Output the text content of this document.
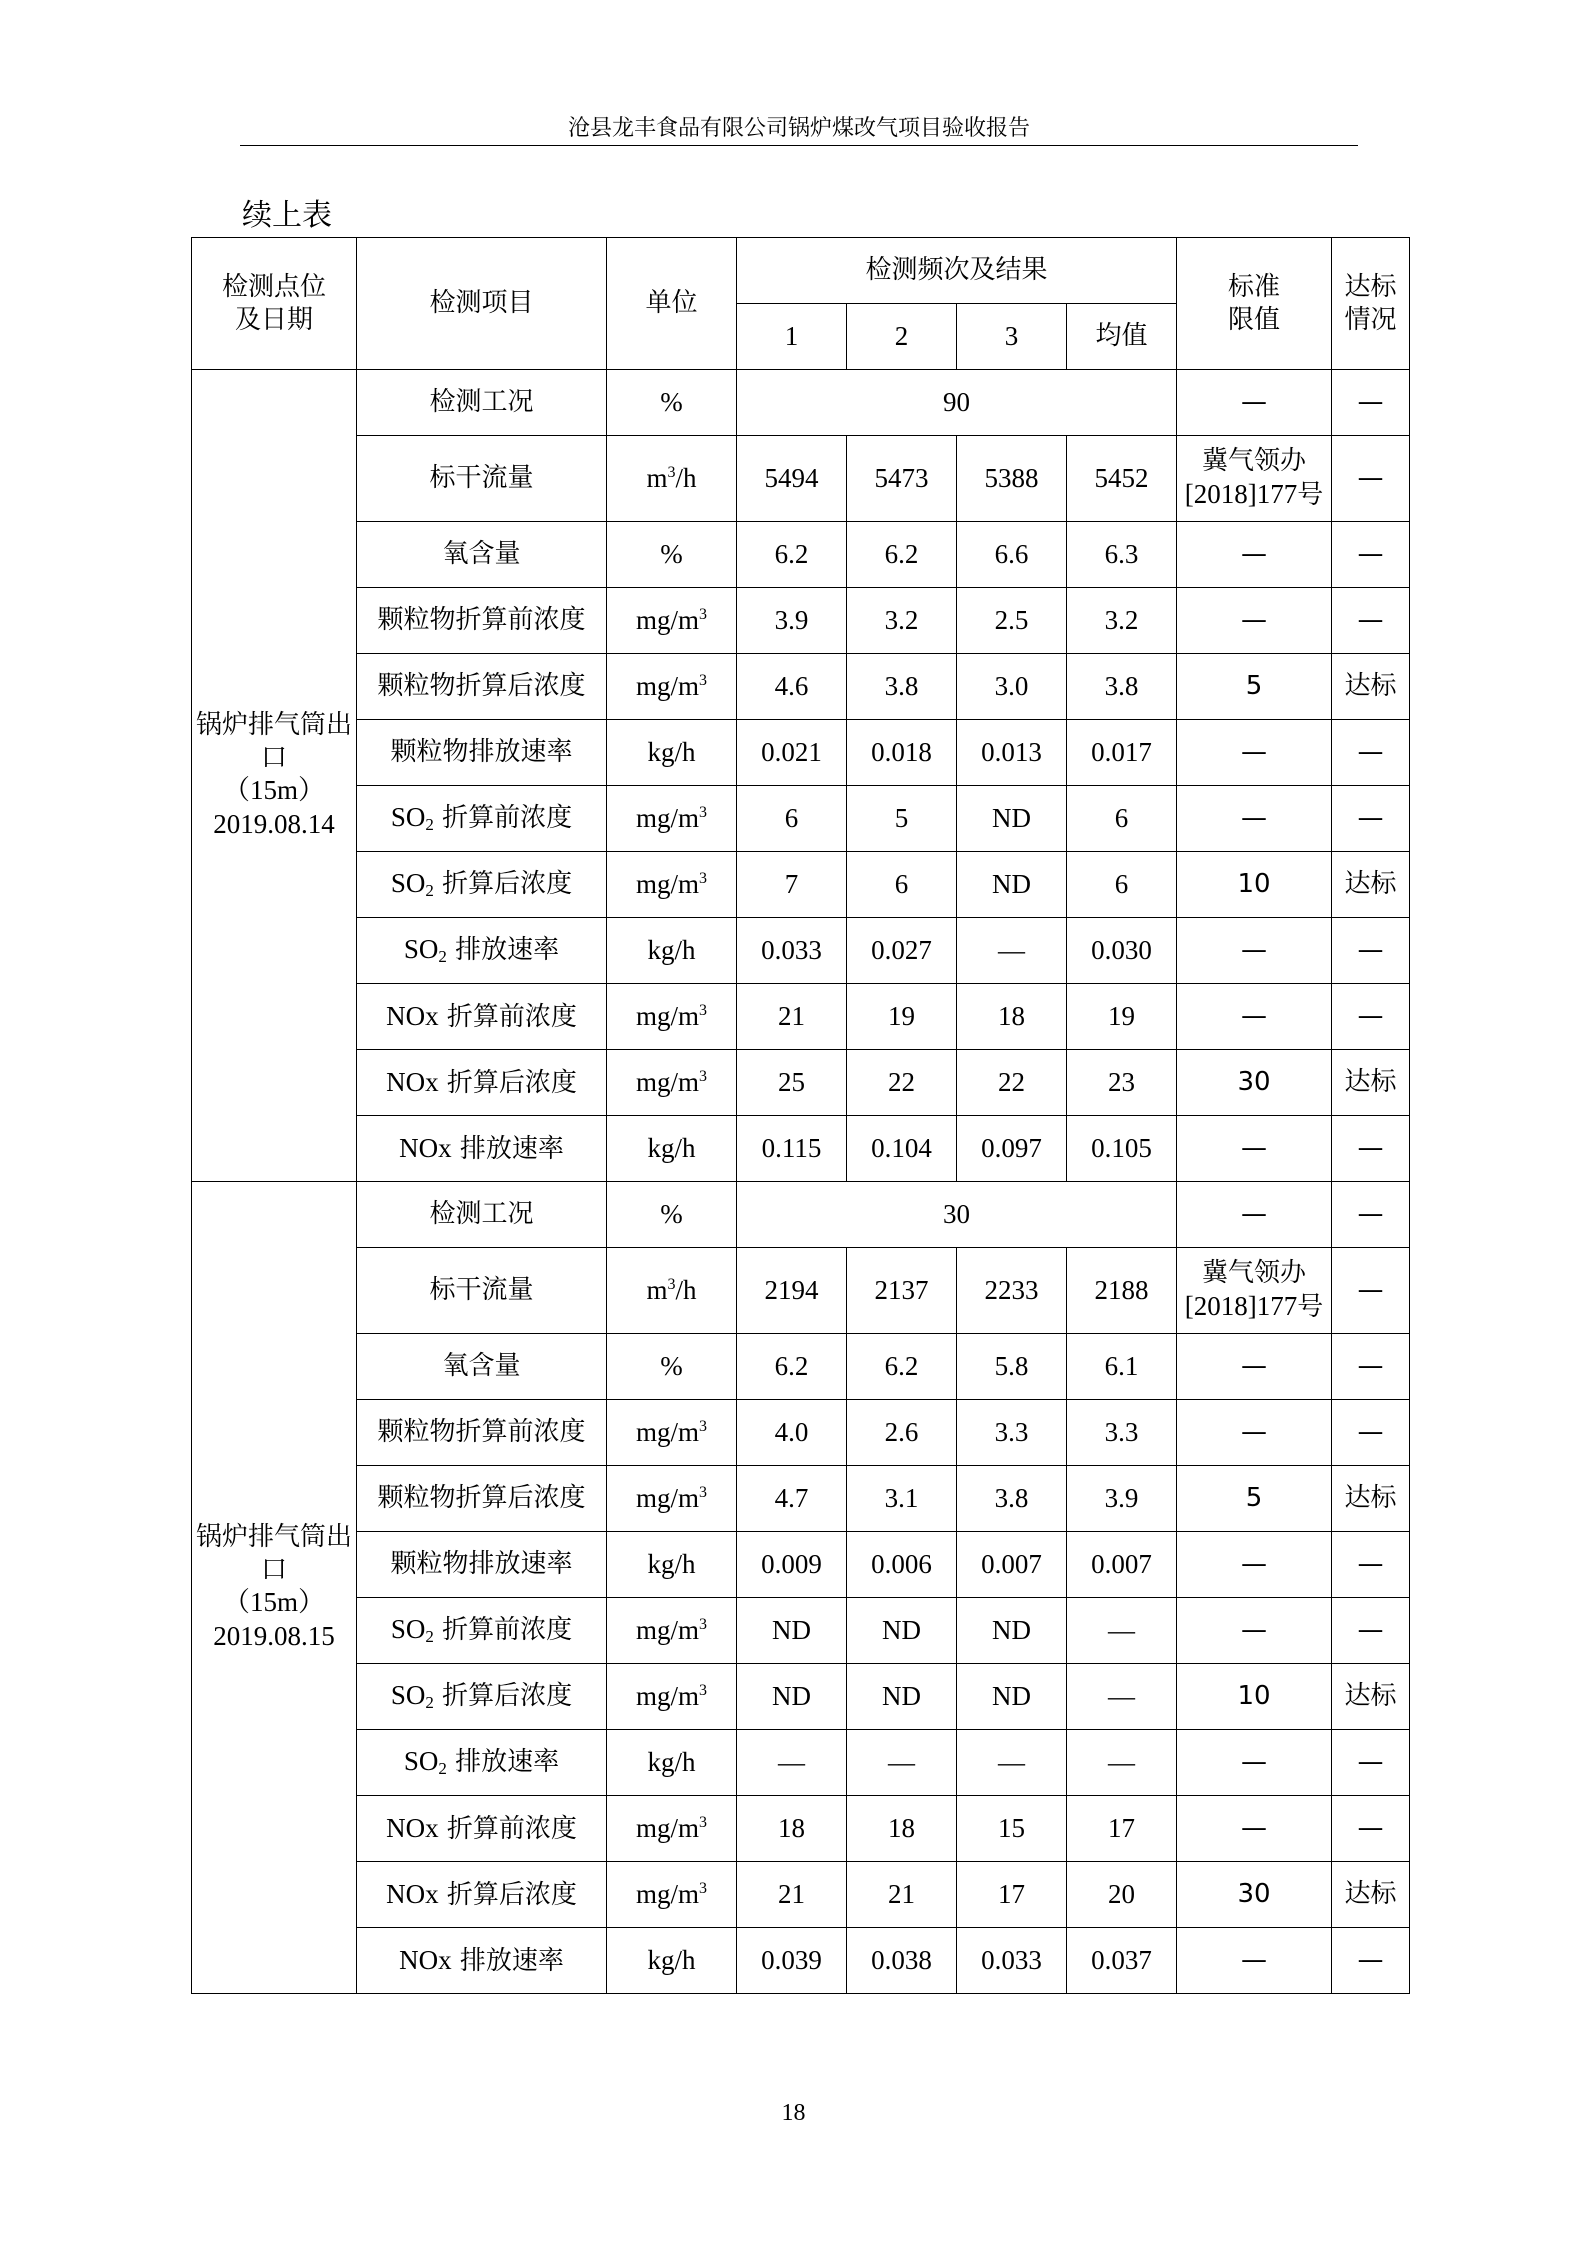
沧县龙丰食品有限公司锅炉煤改气项目验收报告
续上表
检测点位及日期	检测项目	单位	检测频次及结果				标准限值	达标情况
			1	2	3	均值		
锅炉排气筒出口
（15m）
2019.08.14	检测工况	%	90				—	—
	标干流量	$m^3/h$	5494	5473	5388	5452	冀气领办
[2018]177号	—
	氧含量	%	6.2	6.2	6.6	6.3	—	—
	颗粒物折算前浓度	$mg/m^3$	3.9	3.2	2.5	3.2	—	—
	颗粒物折算后浓度	$mg/m^3$	4.6	3.8	3.0	3.8	5	达标
	颗粒物排放速率	kg/h	0.021	0.018	0.013	0.017	—	—
	$SO_2$ 折算前浓度	$mg/m^3$	6	5	ND	6	—	—
	$SO_2$ 折算后浓度	$mg/m^3$	7	6	ND	6	10	达标
	$SO_2$ 排放速率	kg/h	0.033	0.027	—	0.030	—	—
	NOx 折算前浓度	$mg/m^3$	21	19	18	19	—	—
	NOx 折算后浓度	$mg/m^3$	25	22	22	23	30	达标
	NOx 排放速率	kg/h	0.115	0.104	0.097	0.105	—	—
锅炉排气筒出口
（15m）
2019.08.15	检测工况	%	30				—	—
	标干流量	$m^3/h$	2194	2137	2233	2188	冀气领办
[2018]177号	—
	氧含量	%	6.2	6.2	5.8	6.1	—	—
	颗粒物折算前浓度	$mg/m^3$	4.0	2.6	3.3	3.3	—	—
	颗粒物折算后浓度	$mg/m^3$	4.7	3.1	3.8	3.9	5	达标
	颗粒物排放速率	kg/h	0.009	0.006	0.007	0.007	—	—
	$SO_2$ 折算前浓度	$mg/m^3$	ND	ND	ND	—	—	—
	$SO_2$ 折算后浓度	$mg/m^3$	ND	ND	ND	—	10	达标
	$SO_2$ 排放速率	kg/h	—	—	—	—	—	—
	NOx 折算前浓度	$mg/m^3$	18	18	15	17	—	—
	NOx 折算后浓度	$mg/m^3$	21	21	17	20	30	达标
	NOx 排放速率	kg/h	0.039	0.038	0.033	0.037	—	—
18
